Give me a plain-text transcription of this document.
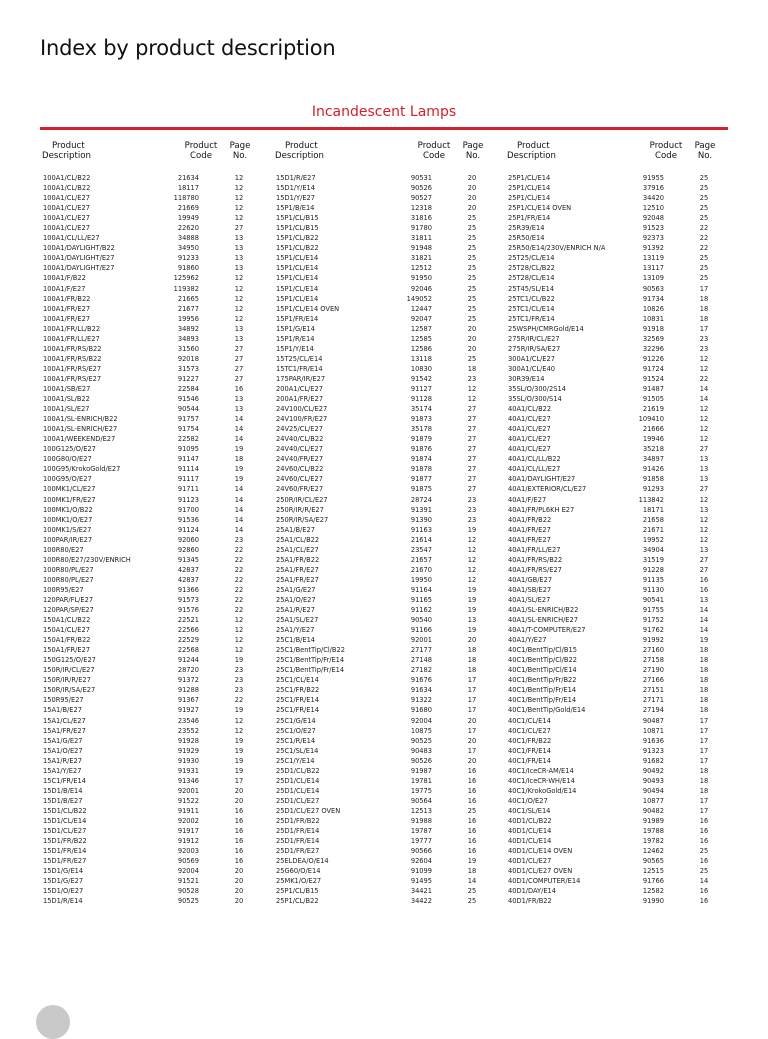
Index by product description
Incandescent Lamps
Product
Description
Product
Code
Page
No.
100A1/CL/B22	21634	12
100A1/CL/B22	18117	12
100A1/CL/E27	118780	12
100A1/CL/E27	21669	12
100A1/CL/E27	19949	12
100A1/CL/E27	22620	27
100A1/CL/LL/E27	34888	13
100A1/DAYLIGHT/B22	34950	13
100A1/DAYLIGHT/E27	91233	13
100A1/DAYLIGHT/E27	91860	13
100A1/F/B22	125962	12
100A1/F/E27	119382	12
100A1/FR/B22	21665	12
100A1/FR/E27	21677	12
100A1/FR/E27	19956	12
100A1/FR/LL/B22	34892	13
100A1/FR/LL/E27	34893	13
100A1/FR/RS/B22	31560	27
100A1/FR/RS/B22	92018	27
100A1/FR/RS/E27	31573	27
100A1/FR/RS/E27	91227	27
100A1/SB/E27	22584	16
100A1/SL/B22	91546	13
100A1/SL/E27	90544	13
100A1/SL-ENRICH/B22	91757	14
100A1/SL-ENRICH/E27	91754	14
100A1/WEEKEND/E27	22582	14
100G125/O/E27	91095	19
100G80/O/E27	91147	18
100G95/KrokoGold/E27	91114	19
100G95/O/E27	91117	19
100MK1/CL/E27	91711	14
100MK1/FR/E27	91123	14
100MK1/O/B22	91700	14
100MK1/O/E27	91536	14
100MK1/S/E27	91124	14
100PAR/IR/E27	92060	23
100R80/E27	92860	22
100R80/E27/230V/ENRICH	91345	22
100R80/PL/E27	42837	22
100R80/PL/E27	42837	22
100R95/E27	91366	22
120PAR/FL/E27	91573	22
120PAR/SP/E27	91576	22
150A1/CL/B22	22521	12
150A1/CL/E27	22566	12
150A1/FR/B22	22529	12
150A1/FR/E27	22568	12
150G125/O/E27	91244	19
150R/IR/CL/E27	28720	23
150R/IR/R/E27	91372	23
150R/IR/SA/E27	91288	23
150R95/E27	91367	22
15A1/B/E27	91927	19
15A1/CL/E27	23546	12
15A1/FR/E27	23552	12
15A1/G/E27	91928	19
15A1/O/E27	91929	19
15A1/R/E27	91930	19
15A1/Y/E27	91931	19
15C1/FR/E14	91346	17
15D1/B/E14	92001	20
15D1/B/E27	91522	20
15D1/CL/B22	91911	16
15D1/CL/E14	92002	16
15D1/CL/E27	91917	16
15D1/FR/B22	91912	16
15D1/FR/E14	92003	16
15D1/FR/E27	90569	16
15D1/G/E14	92004	20
15D1/G/E27	91521	20
15D1/O/E27	90528	20
15D1/R/E14	90525	20
Product
Description
Product
Code
Page
No.
15D1/R/E27	90531	20
15D1/Y/E14	90526	20
15D1/Y/E27	90527	20
15P1/B/E14	12318	20
15P1/CL/B15	31816	25
15P1/CL/B15	91780	25
15P1/CL/B22	31811	25
15P1/CL/B22	91948	25
15P1/CL/E14	31821	25
15P1/CL/E14	12512	25
15P1/CL/E14	91950	25
15P1/CL/E14	92046	25
15P1/CL/E14	149052	25
15P1/CL/E14 OVEN	12447	25
15P1/FR/E14	92047	25
15P1/G/E14	12587	20
15P1/R/E14	12585	20
15P1/Y/E14	12586	20
15T25/CL/E14	13118	25
15TC1/FR/E14	10830	18
175PAR/IR/E27	91542	23
200A1/CL/E27	91127	12
200A1/FR/E27	91128	12
24V100/CL/E27	35174	27
24V100/FR/E27	91873	27
24V25/CL/E27	35178	27
24V40/CL/B22	91879	27
24V40/CL/E27	91876	27
24V40/FR/E27	91874	27
24V60/CL/B22	91878	27
24V60/CL/E27	91877	27
24V60/FR/E27	91875	27
250R/IR/CL/E27	28724	23
250R/IR/R/E27	91391	23
250R/IR/SA/E27	91390	23
25A1/B/E27	91163	19
25A1/CL/B22	21614	12
25A1/CL/E27	23547	12
25A1/FR/B22	21657	12
25A1/FR/E27	21670	12
25A1/FR/E27	19950	12
25A1/G/E27	91164	19
25A1/O/E27	91165	19
25A1/R/E27	91162	19
25A1/SL/E27	90540	13
25A1/Y/E27	91166	19
25C1/B/E14	92001	20
25C1/BentTip/Cl/B22	27177	18
25C1/BentTip/Fr/E14	27148	18
25C1/BentTip/Fr/E14	27182	18
25C1/CL/E14	91676	17
25C1/FR/B22	91634	17
25C1/FR/E14	91322	17
25C1/FR/E14	91680	17
25C1/G/E14	92004	20
25C1/O/E27	10875	17
25C1/R/E14	90525	20
25C1/SL/E14	90483	17
25C1/Y/E14	90526	20
25D1/CL/B22	91987	16
25D1/CL/E14	19781	16
25D1/CL/E14	19775	16
25D1/CL/E27	90564	16
25D1/CL/E27 OVEN	12513	25
25D1/FR/B22	91988	16
25D1/FR/E14	19787	16
25D1/FR/E14	19777	16
25D1/FR/E27	90566	16
25ELDEA/O/E14	92604	19
25G60/O/E14	91099	18
25MK1/O/E27	91495	14
25P1/CL/B15	34421	25
25P1/CL/B22	34422	25
Product
Description
Product
Code
Page
No.
25P1/CL/E14	91955	25
25P1/CL/E14	37916	25
25P1/CL/E14	34420	25
25P1/CL/E14 OVEN	12510	25
25P1/FR/E14	92048	25
25R39/E14	91523	22
25R50/E14	92373	22
25R50/E14/230V/ENRICH N/A	91392	22
25T25/CL/E14	13119	25
25T28/CL/B22	13117	25
25T28/CL/E14	13109	25
25T45/SL/E14	90563	17
25TC1/CL/B22	91734	18
25TC1/CL/E14	10826	18
25TC1/FR/E14	10831	18
25WSPH/CMRGold/E14	91918	17
275R/IR/CL/E27	32569	23
275R/IR/SA/E27	32296	23
300A1/CL/E27	91226	12
300A1/CL/E40	91724	12
30R39/E14	91524	22
35SL/O/300/2S14	91487	14
35SL/O/300/S14	91505	14
40A1/CL/B22	21619	12
40A1/CL/E27	109410	12
40A1/CL/E27	21666	12
40A1/CL/E27	19946	12
40A1/CL/E27	35218	27
40A1/CL/LL/B22	34897	13
40A1/CL/LL/E27	91426	13
40A1/DAYLIGHT/E27	91858	13
40A1/EXTERIOR/CL/E27	91293	27
40A1/F/E27	113842	12
40A1/FR/PL6KH E27	18171	13
40A1/FR/B22	21658	12
40A1/FR/E27	21671	12
40A1/FR/E27	19952	12
40A1/FR/LL/E27	34904	13
40A1/FR/RS/B22	31519	27
40A1/FR/RS/E27	91228	27
40A1/GB/E27	91135	16
40A1/SB/E27	91130	16
40A1/SL/E27	90541	13
40A1/SL-ENRICH/B22	91755	14
40A1/SL-ENRICH/E27	91752	14
40A1/T-COMPUTER/E27	91762	14
40A1/Y/E27	91992	19
40C1/BentTip/Cl/B15	27160	18
40C1/BentTip/Cl/B22	27158	18
40C1/BentTip/Cl/E14	27190	18
40C1/BentTip/Fr/B22	27166	18
40C1/BentTip/Fr/E14	27151	18
40C1/BentTip/Fr/E14	27171	18
40C1/BentTip/Gold/E14	27194	18
40C1/CL/E14	90487	17
40C1/CL/E27	10871	17
40C1/FR/B22	91636	17
40C1/FR/E14	91323	17
40C1/FR/E14	91682	17
40C1/IceCR-AM/E14	90492	18
40C1/IceCR-WH/E14	90493	18
40C1/KrokoGold/E14	90494	18
40C1/O/E27	10877	17
40C1/SL/E14	90482	17
40D1/CL/B22	91989	16
40D1/CL/E14	19788	16
40D1/CL/E14	19782	16
40D1/CL/E14 OVEN	12462	25
40D1/CL/E27	90565	16
40D1/CL/E27 OVEN	12515	25
40D1/COMPUTER/E14	91766	14
40D1/DAY/E14	12582	16
40D1/FR/B22	91990	16
